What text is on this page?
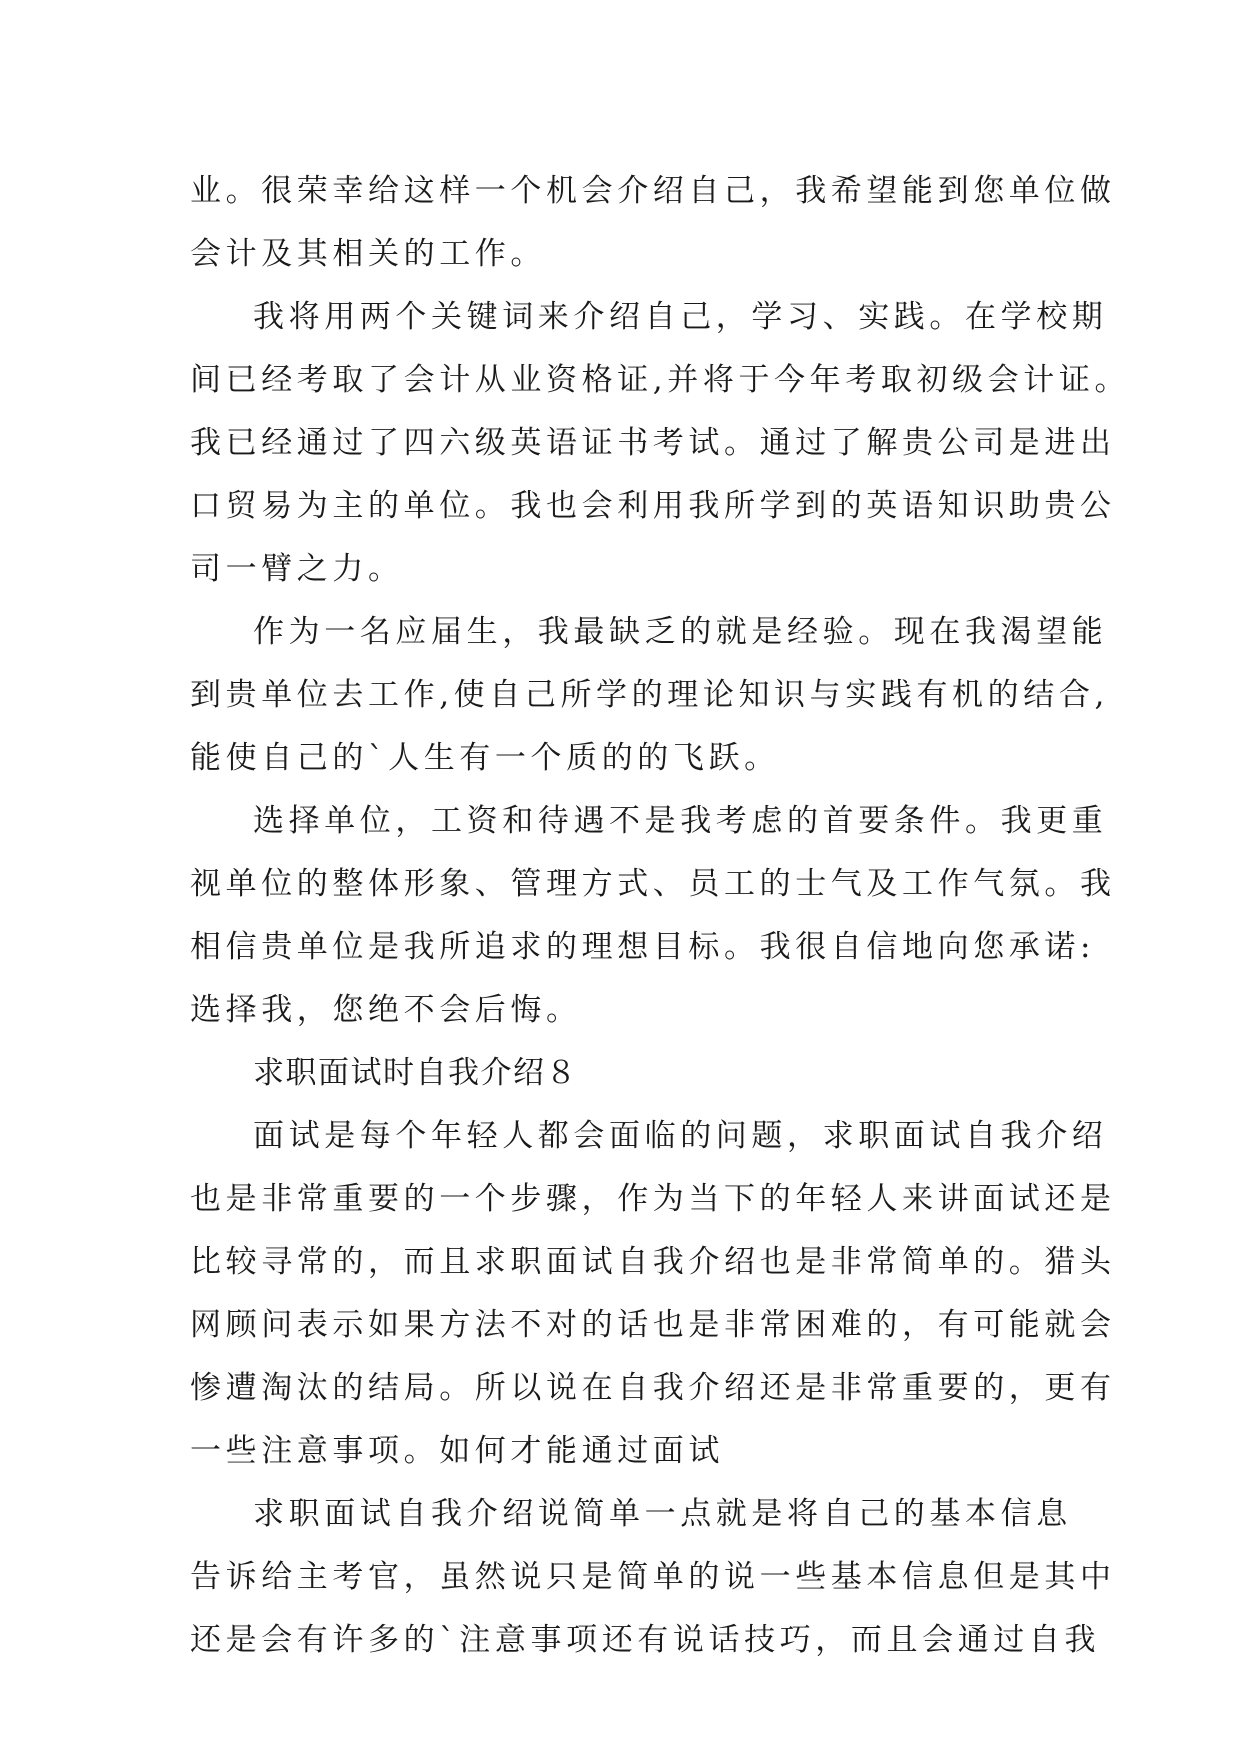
业。很荣幸给这样一个机会介绍自己，我希望能到您单位做
会计及其相关的工作。
我将用两个关键词来介绍自己，学习、实践。在学校期
间已经考取了会计从业资格证,并将于今年考取初级会计证。
我已经通过了四六级英语证书考试。通过了解贵公司是进出
口贸易为主的单位。我也会利用我所学到的英语知识助贵公
司一臂之力。
作为一名应届生，我最缺乏的就是经验。现在我渴望能
到贵单位去工作,使自己所学的理论知识与实践有机的结合,
能使自己的`人生有一个质的的飞跃。
选择单位，工资和待遇不是我考虑的首要条件。我更重
视单位的整体形象、管理方式、员工的士气及工作气氛。我
相信贵单位是我所追求的理想目标。我很自信地向您承诺:
选择我，您绝不会后悔。
求职面试时自我介绍８
面试是每个年轻人都会面临的问题，求职面试自我介绍
也是非常重要的一个步骤，作为当下的年轻人来讲面试还是
比较寻常的，而且求职面试自我介绍也是非常简单的。猎头
网顾问表示如果方法不对的话也是非常困难的，有可能就会
惨遭淘汰的结局。所以说在自我介绍还是非常重要的，更有
一些注意事项。如何才能通过面试
求职面试自我介绍说简单一点就是将自己的基本信息
告诉给主考官，虽然说只是简单的说一些基本信息但是其中
还是会有许多的`注意事项还有说话技巧，而且会通过自我
